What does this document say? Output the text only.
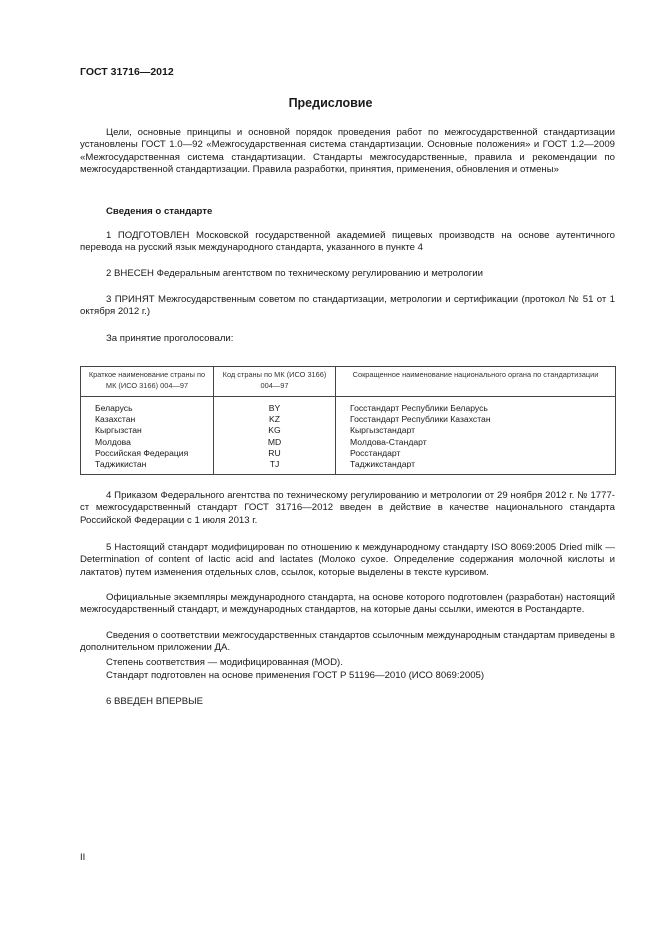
ГОСТ 31716—2012
Предисловие

Цели, основные принципы и основной порядок проведения работ по межгосударственной стандартизации установлены ГОСТ 1.0—92 «Межгосударственная система стандартизации. Основные положения» и ГОСТ 1.2—2009 «Межгосударственная система стандартизации. Стандарты межгосударственные, правила и рекомендации по межгосударственной стандартизации. Правила разработки, принятия, применения, обновления и отмены»

Сведения о стандарте

1 ПОДГОТОВЛЕН Московской государственной академией пищевых производств на основе аутентичного перевода на русский язык международного стандарта, указанного в пункте 4

2 ВНЕСЕН Федеральным агентством по техническому регулированию и метрологии

3 ПРИНЯТ Межгосударственным советом по стандартизации, метрологии и сертификации (протокол № 51 от 1 октября 2012 г.)

За принятие проголосовали:

Краткое наименование страны по МК (ИСО 3166) 004—97	Код страны по МК (ИСО 3166) 004—97	Сокращенное наименование национального органа по стандартизации
Беларусь	BY	Госстандарт Республики Беларусь
Казахстан	KZ	Госстандарт Республики Казахстан
Кыргызстан	KG	Кыргызстандарт
Молдова	MD	Молдова-Стандарт
Российская Федерация	RU	Росстандарт
Таджикистан	TJ	Таджикстандарт

4 Приказом Федерального агентства по техническому регулированию и метрологии от 29 ноября 2012 г. № 1777-ст межгосударственный стандарт ГОСТ 31716—2012 введен в действие в качестве национального стандарта Российской Федерации с 1 июля 2013 г.

5 Настоящий стандарт модифицирован по отношению к международному стандарту ISO 8069:2005 Dried milk — Determination of content of lactic acid and lactates (Молоко сухое. Определение содержания молочной кислоты и лактатов) путем изменения отдельных слов, ссылок, которые выделены в тексте курсивом.

Официальные экземпляры международного стандарта, на основе которого подготовлен (разработан) настоящий межгосударственный стандарт, и международных стандартов, на которые даны ссылки, имеются в Ростандарте.

Сведения о соответствии межгосударственных стандартов ссылочным международным стандартам приведены в дополнительном приложении ДА.

Степень соответствия — модифицированная (MOD).

Стандарт подготовлен на основе применения ГОСТ Р 51196—2010 (ИСО 8069:2005)

6 ВВЕДЕН ВПЕРВЫЕ

II
